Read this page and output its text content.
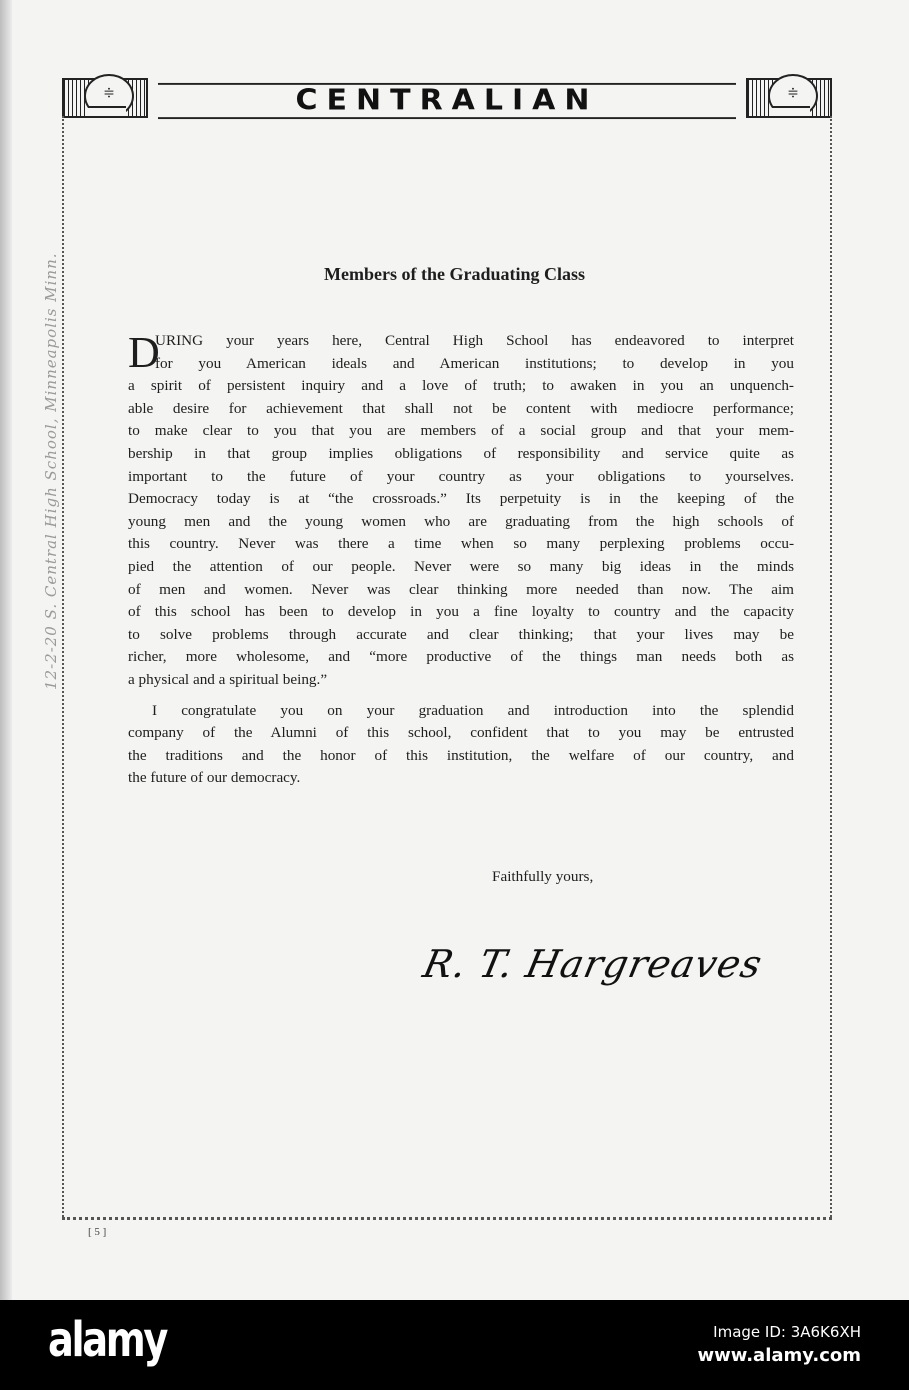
≑	CENTRALIAN	≑
12-2-20 S. Central High School, Minneapolis Minn.	Members of the Graduating Class
D
URING your years here, Central High School has endeavored to interpret
for you American ideals and American institutions; to develop in you
a spirit of persistent inquiry and a love of truth; to awaken in you an unquench-
able desire for achievement that shall not be content with mediocre performance;
to make clear to you that you are members of a social group and that your mem-
bership in that group implies obligations of responsibility and service quite as
important to the future of your country as your obligations to yourselves.
Democracy today is at “the crossroads.” Its perpetuity is in the keeping of the
young men and the young women who are graduating from the high schools of
this country. Never was there a time when so many perplexing problems occu-
pied the attention of our people. Never were so many big ideas in the minds
of men and women. Never was clear thinking more needed than now. The aim
of this school has been to develop in you a fine loyalty to country and the capacity
to solve problems through accurate and clear thinking; that your lives may be
richer, more wholesome, and “more productive of the things man needs both as
a physical and a spiritual being.”
I congratulate you on your graduation and introduction into the splendid
company of the Alumni of this school, confident that to you may be entrusted
the traditions and the honor of this institution, the welfare of our country, and
the future of our democracy.
Faithfully yours,
R. T. Hargreaves
[ 5 ]
alamy	Image ID: 3A6K6XH
www.alamy.com
